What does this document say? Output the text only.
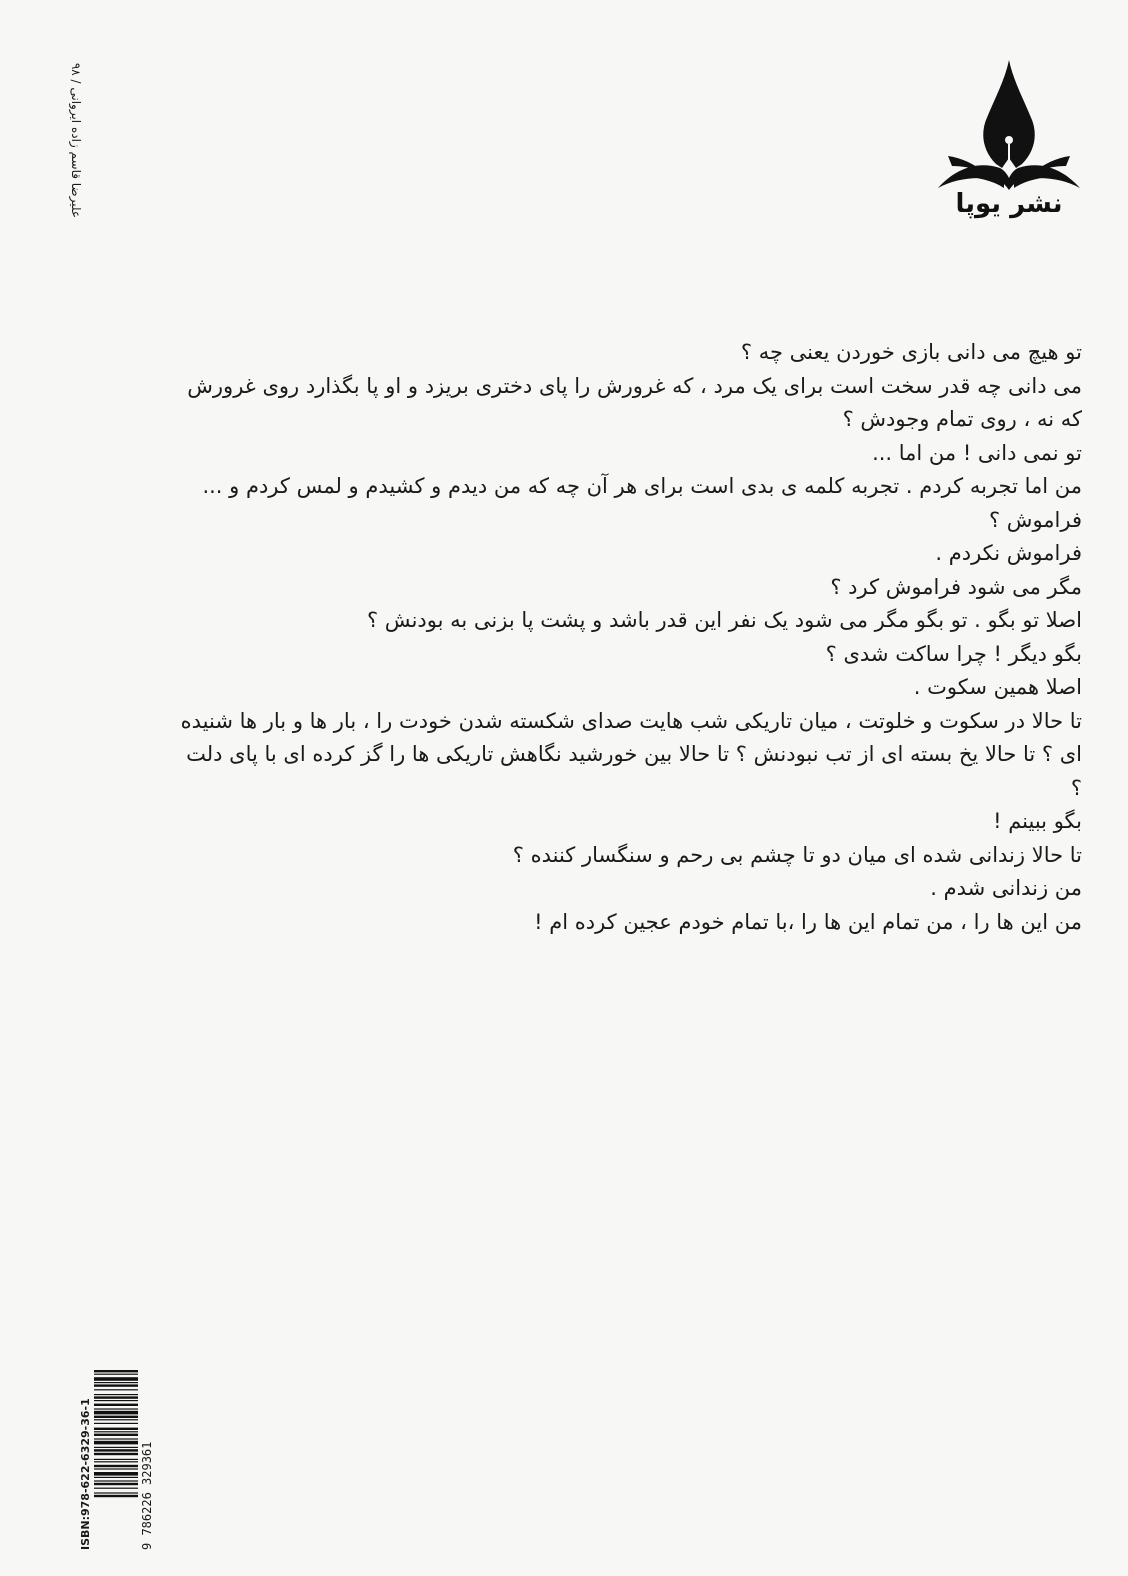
علیرضا قاسم زاده ایروانی / ۹۸	نشر یوپا

تو هیچ می دانی بازی خوردن یعنی چه ؟

می دانی چه قدر سخت است برای یک مرد ، که غرورش را پای دختری بریزد و او پا بگذارد روی غرورش

که نه ، روی تمام وجودش ؟

تو نمی دانی ! من اما ...

من اما تجربه کردم . تجربه کلمه ی بدی است برای هر آن چه که من دیدم و کشیدم و لمس کردم و ...

فراموش ؟

فراموش نکردم .

مگر می شود فراموش کرد ؟

اصلا تو بگو . تو بگو مگر می شود یک نفر این قدر باشد و پشت پا بزنی به بودنش ؟

بگو دیگر ! چرا ساکت شدی ؟

اصلا همین سکوت .

تا حالا در سکوت و خلوتت ، میان تاریکی شب هایت صدای شکسته شدن خودت را ، بار ها و بار ها شنیده

ای ؟ تا حالا یخ بسته ای از تب نبودنش ؟ تا حالا بین خورشید نگاهش تاریکی ها را گز کرده ای با پای دلت

؟

بگو ببینم !

تا حالا زندانی شده ای میان دو تا چشم بی رحم و سنگسار کننده ؟

من زندانی شدم .

من این ها را ، من تمام این ها را ،با تمام خودم عجین کرده ام !

ISBN:978-622-6329-36-1	9 786226 329361
